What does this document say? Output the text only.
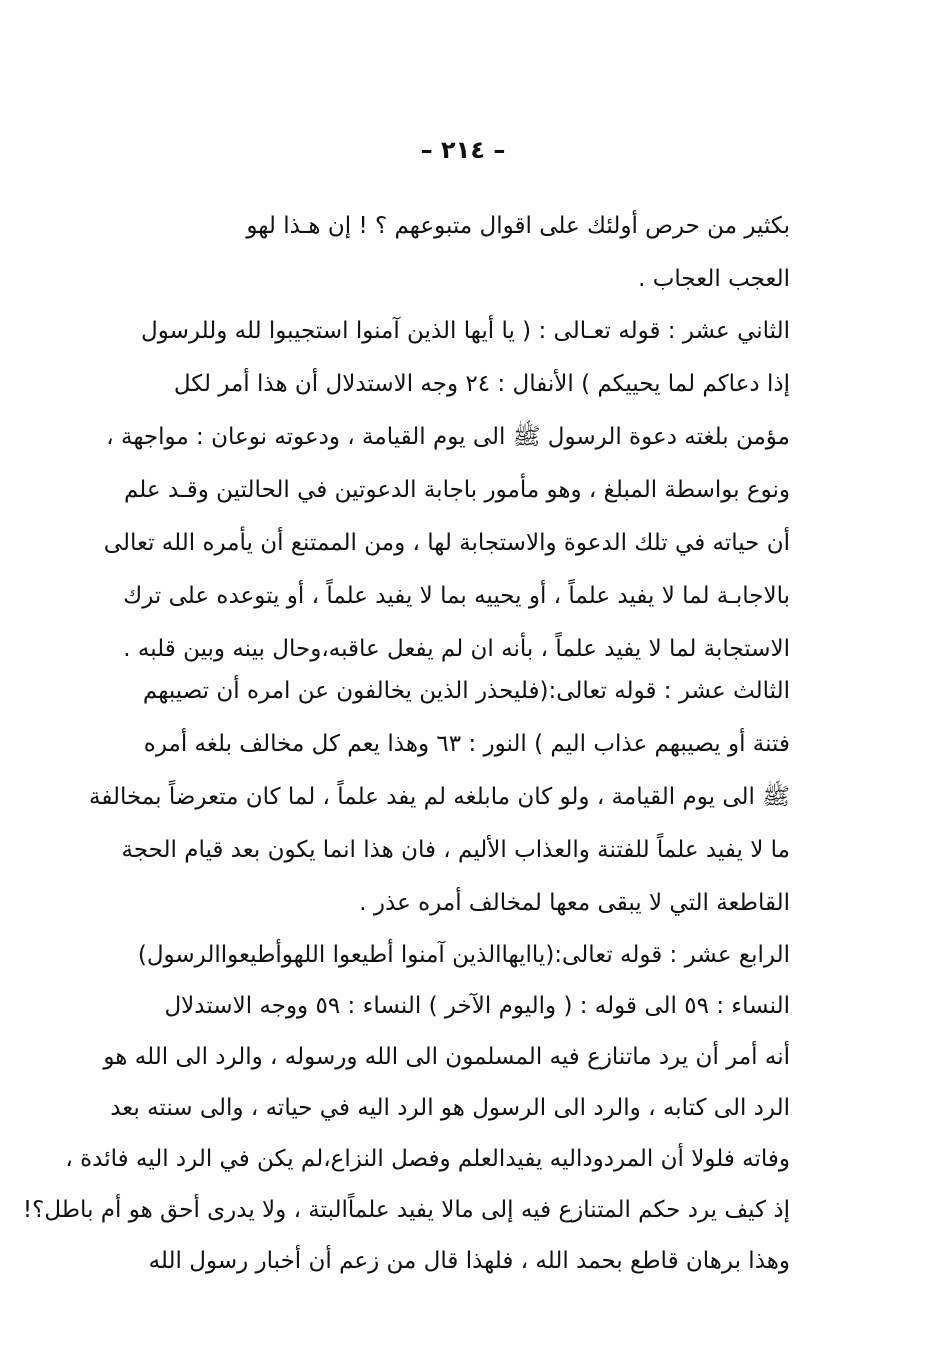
– ٢١٤ –

بكثير من حرص أولئك على اقوال متبوعهم ؟ ! إن هـذا لهو
العجب العجاب .

الثاني عشر : قوله تعـالى : ( يا أيها الذين آمنوا استجيبوا لله وللرسول
إذا دعاكم لما يحييكم ) الأنفال : ٢٤ وجه الاستدلال أن هذا أمر لكل
مؤمن بلغته دعوة الرسول ﷺ الى يوم القيامة ، ودعوته نوعان : مواجهة ،
ونوع بواسطة المبلغ ، وهو مأمور باجابة الدعوتين في الحالتين وقـد علم
أن حياته في تلك الدعوة والاستجابة لها ، ومن الممتنع أن يأمره الله تعالى
بالاجابـة لما لا يفيد علماً ، أو يحييه بما لا يفيد علماً ، أو يتوعده على ترك
الاستجابة لما لا يفيد علماً ، بأنه ان لم يفعل عاقبه،وحال بينه وبين قلبه .

الثالث عشر : قوله تعالى:(فليحذر الذين يخالفون عن امره أن تصيبهم
فتنة أو يصيبهم عذاب اليم ) النور : ٦٣ وهذا يعم كل مخالف بلغه أمره
ﷺ الى يوم القيامة ، ولو كان مابلغه لم يفد علماً ، لما كان متعرضاً بمخالفة
ما لا يفيد علماً للفتنة والعذاب الأليم ، فان هذا انما يكون بعد قيام الحجة
القاطعة التي لا يبقى معها لمخالف أمره عذر .

الرابع عشر : قوله تعالى:(ياايهاالذين آمنوا أطيعوا اللهوأطيعواالرسول)
النساء : ٥٩ الى قوله : ( واليوم الآخر ) النساء : ٥٩ ووجه الاستدلال
أنه أمر أن يرد ماتنازع فيه المسلمون الى الله ورسوله ، والرد الى الله هو
الرد الى كتابه ، والرد الى الرسول هو الرد اليه في حياته ، والى سنته بعد
وفاته فلولا أن المردوداليه يفيدالعلم وفصل النزاع،لم يكن في الرد اليه فائدة ،
إذ كيف يرد حكم المتنازع فيه إلى مالا يفيد علماًالبتة ، ولا يدرى أحق هو أم باطل؟!
وهذا برهان قاطع بحمد الله ، فلهذا قال من زعم أن أخبار رسول الله
